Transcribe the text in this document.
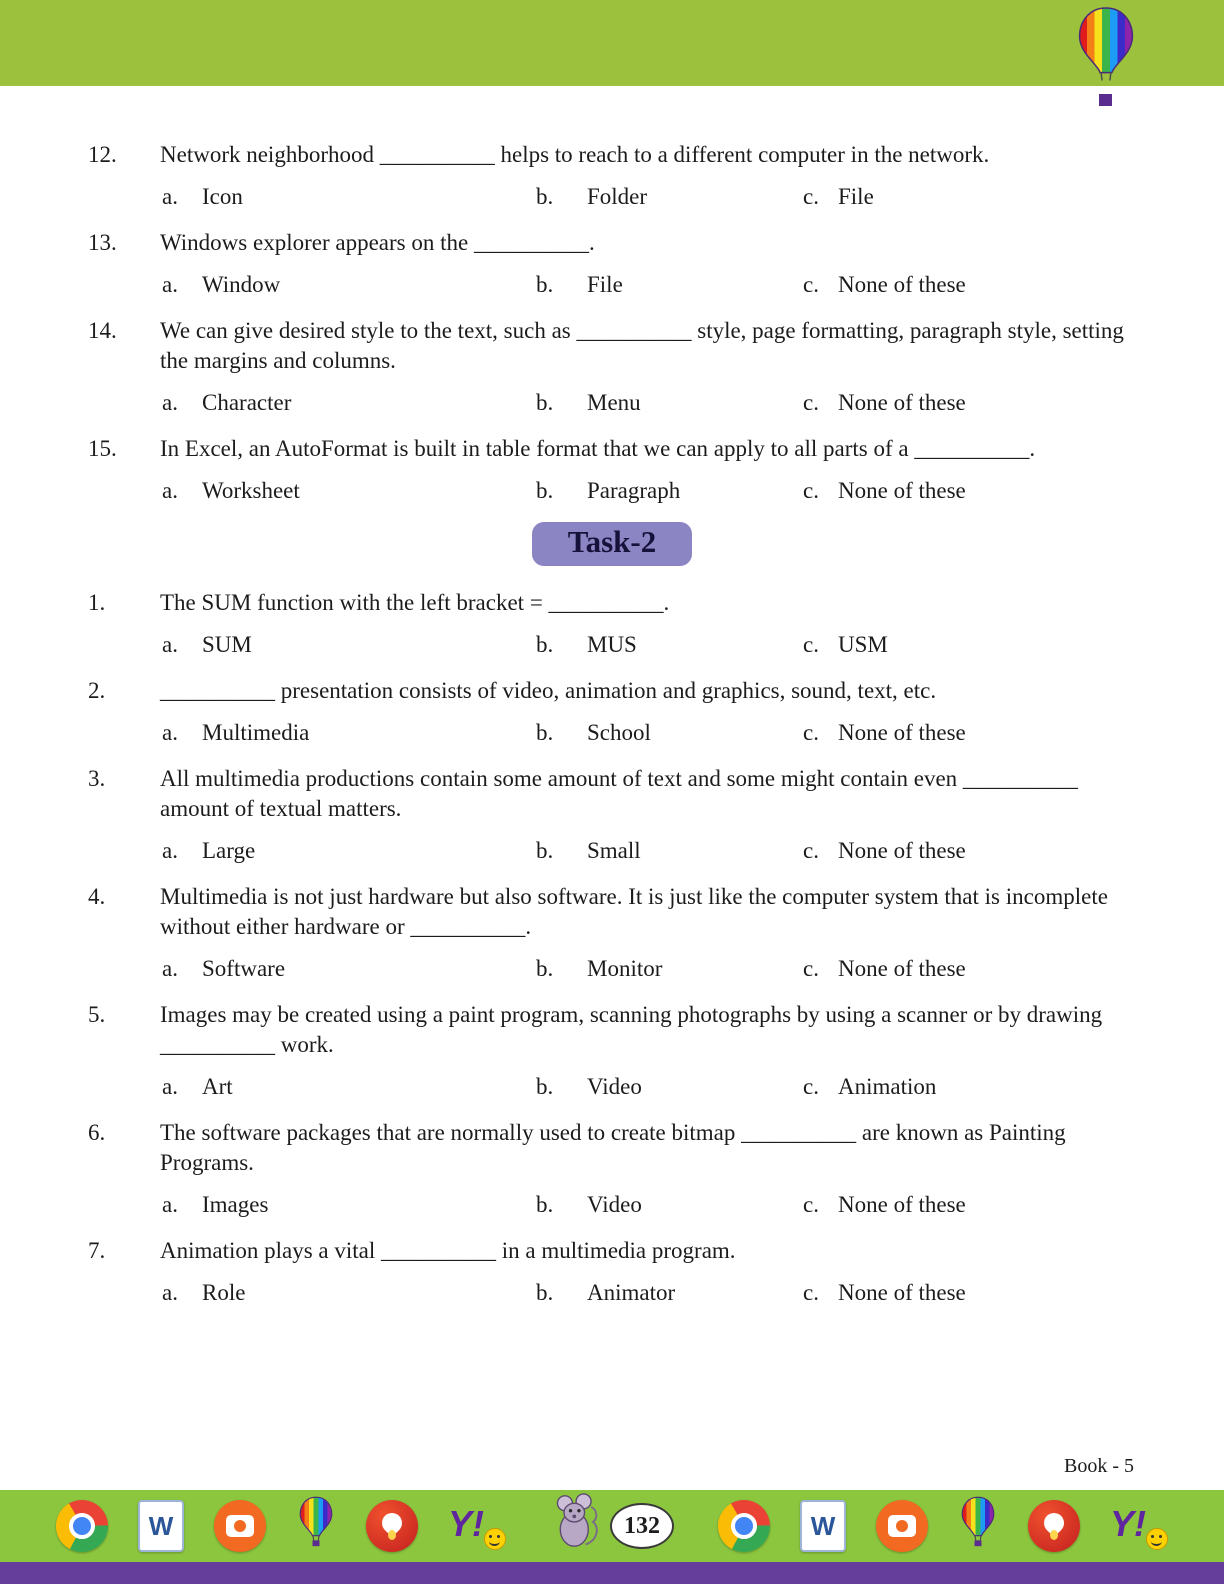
12.	Network neighborhood __________ helps to reach to a different computer in the network.
a.	Icon	b.	Folder	c. File
13.	Windows explorer appears on the __________.
a.	Window	b.	File	c. None of these
14.	We can give desired style to the text, such as __________ style, page formatting, paragraph style, setting the margins and columns.
a.	Character	b.	Menu	c. None of these
15.	In Excel, an AutoFormat is built in table format that we can apply to all parts of a __________.
a.	Worksheet	b.	Paragraph	c. None of these
Task-2
1.	The SUM function with the left bracket = __________.
a.	SUM	b.	MUS	c. USM
2.	__________ presentation consists of video, animation and graphics, sound, text, etc.
a.	Multimedia	b.	School	c. None of these
3.	All multimedia productions contain some amount of text and some might contain even __________ amount of textual matters.
a.	Large	b.	Small	c. None of these
4.	Multimedia is not just hardware but also software. It is just like the computer system that is incomplete without either hardware or __________.
a.	Software	b.	Monitor	c. None of these
5.	Images may be created using a paint program, scanning photographs by using a scanner or by drawing __________ work.
a.	Art	b.	Video	c. Animation
6.	The software packages that are normally used to create bitmap __________ are known as Painting Programs.
a.	Images	b.	Video	c. None of these
7.	Animation plays a vital __________ in a multimedia program.
a.	Role	b.	Animator	c. None of these
Book - 5
W	Y!	132	W	Y!
